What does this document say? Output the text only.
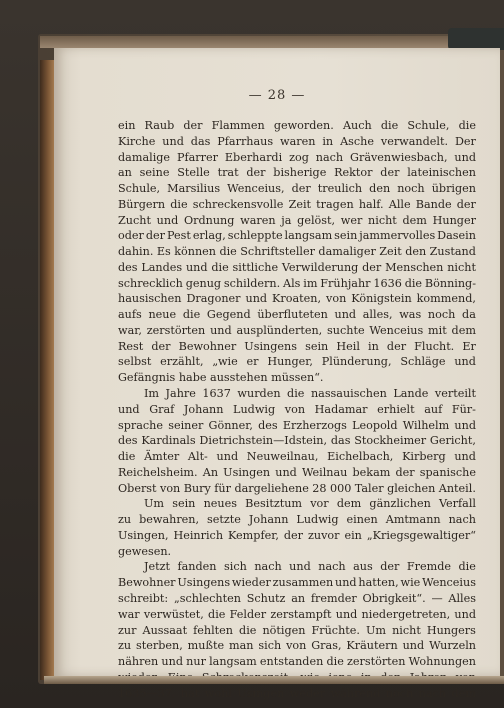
— 28 —
ein Raub der Flammen geworden. Auch die Schule, die
Kirche und das Pfarrhaus waren in Asche verwandelt. Der
damalige Pfarrer Eberhardi zog nach Grävenwiesbach, und
an seine Stelle trat der bisherige Rektor der lateinischen
Schule, Marsilius Wenceius, der treulich den noch übrigen
Bürgern die schreckensvolle Zeit tragen half. Alle Bande der
Zucht und Ordnung waren ja gelöst, wer nicht dem Hunger
oder der Pest erlag, schleppte langsam sein jammervolles Dasein
dahin. Es können die Schriftsteller damaliger Zeit den Zustand
des Landes und die sittliche Verwilderung der Menschen nicht
schrecklich genug schildern. Als im Frühjahr 1636 die Bönning-
hausischen Dragoner und Kroaten, von Königstein kommend,
aufs neue die Gegend überfluteten und alles, was noch da
war, zerstörten und ausplünderten, suchte Wenceius mit dem
Rest der Bewohner Usingens sein Heil in der Flucht. Er
selbst erzählt, „wie er Hunger, Plünderung, Schläge und
Gefängnis habe ausstehen müssen“.
Im Jahre 1637 wurden die nassauischen Lande verteilt
und Graf Johann Ludwig von Hadamar erhielt auf Für-
sprache seiner Gönner, des Erzherzogs Leopold Wilhelm und
des Kardinals Dietrichstein—Idstein, das Stockheimer Gericht,
die Ämter Alt- und Neuweilnau, Eichelbach, Kirberg und
Reichelsheim. An Usingen und Weilnau bekam der spanische
Oberst von Bury für dargeliehene 28 000 Taler gleichen Anteil.
Um sein neues Besitztum vor dem gänzlichen Verfall
zu bewahren, setzte Johann Ludwig einen Amtmann nach
Usingen, Heinrich Kempfer, der zuvor ein „Kriegsgewaltiger“
gewesen.
Jetzt fanden sich nach und nach aus der Fremde die
Bewohner Usingens wieder zusammen und hatten, wie Wenceius
schreibt: „schlechten Schutz an fremder Obrigkeit“. — Alles
war verwüstet, die Felder zerstampft und niedergetreten, und
zur Aussaat fehlten die nötigen Früchte. Um nicht Hungers
zu sterben, mußte man sich von Gras, Kräutern und Wurzeln
nähren und nur langsam entstanden die zerstörten Wohnungen
1635—37, hat wohl Usingen weder während noch nach dem
